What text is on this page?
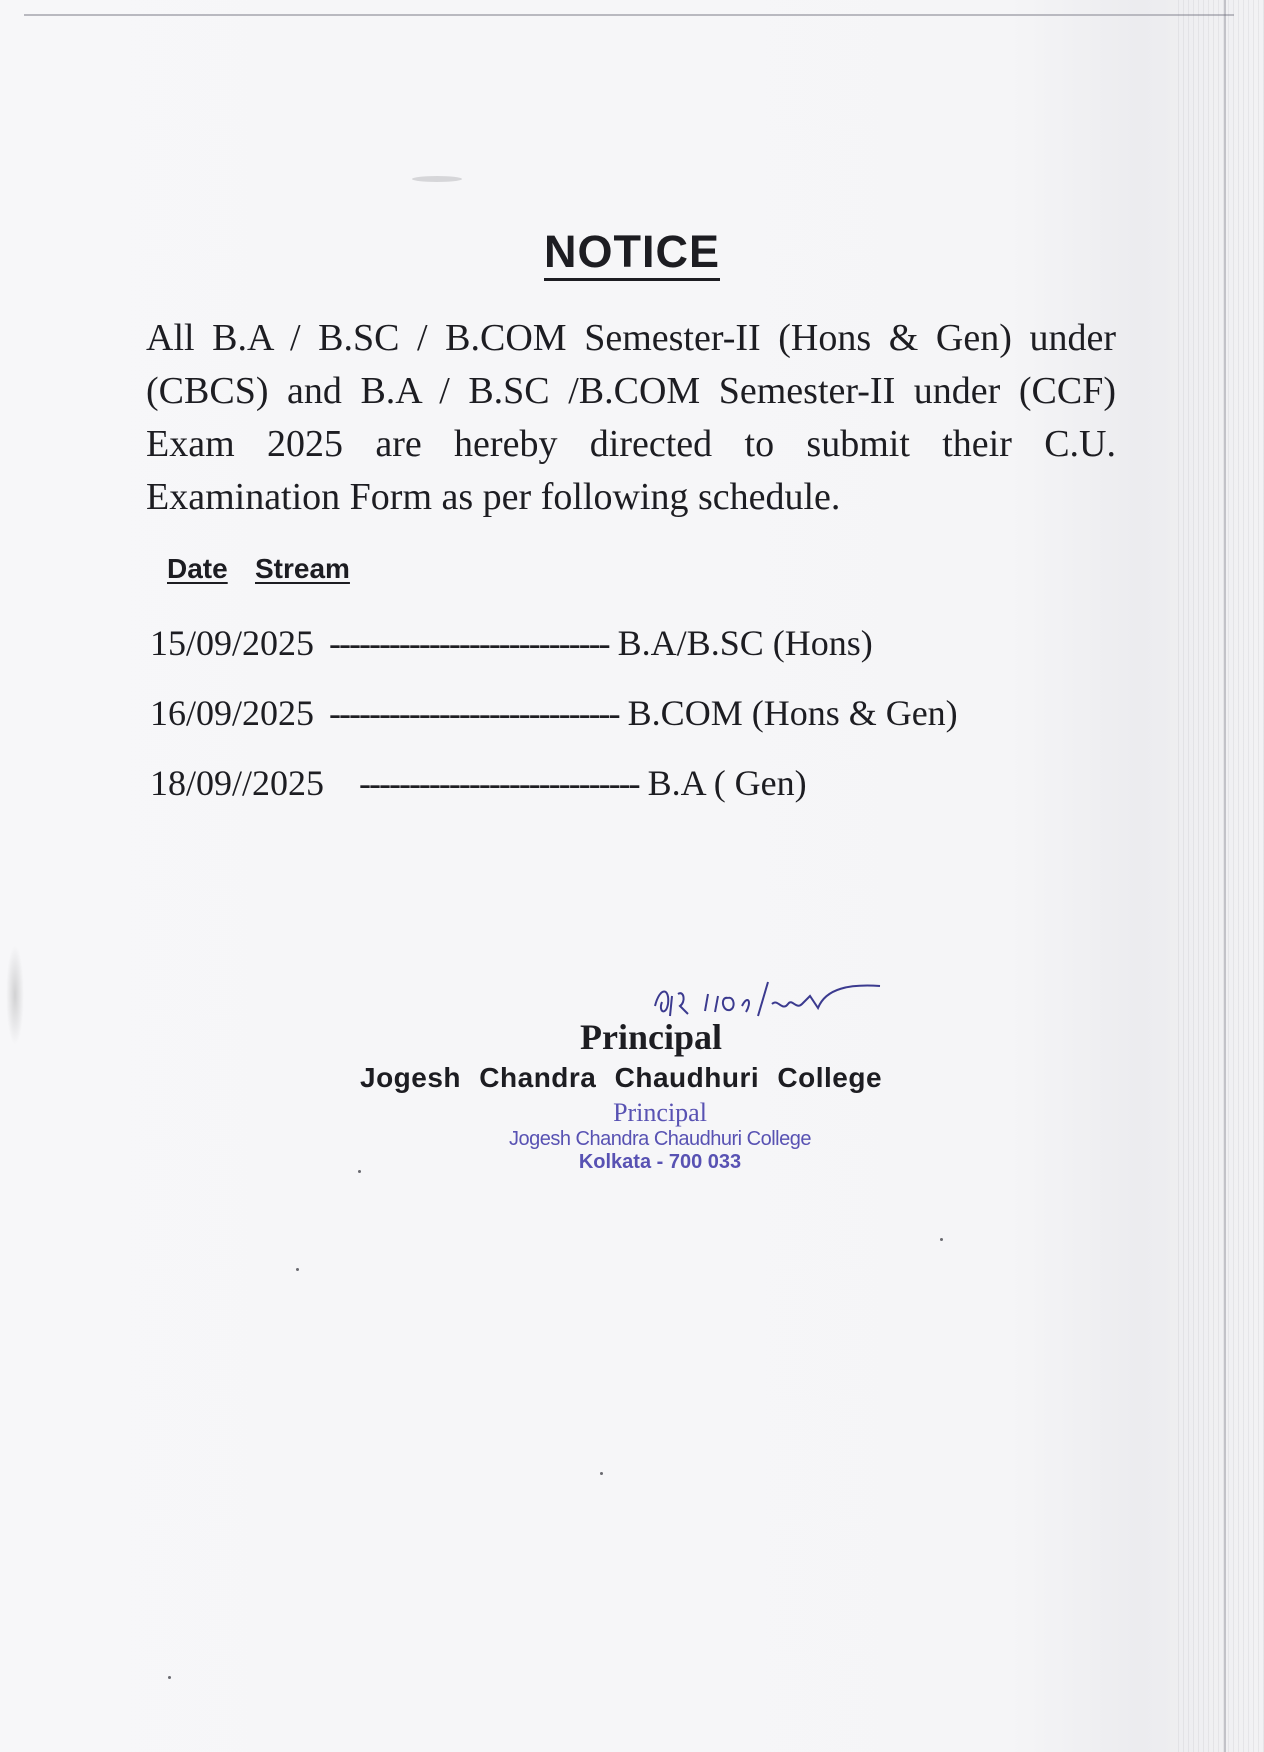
NOTICE
All B.A / B.SC / B.COM Semester-II (Hons & Gen) under (CBCS) and B.A / B.SC /B.COM Semester-II under (CCF) Exam 2025 are hereby directed to submit their C.U. Examination Form as per following schedule.
Date Stream
15/09/2025 ---------------------------- B.A/B.SC (Hons)
16/09/2025 ----------------------------- B.COM (Hons & Gen)
18/09//2025 ---------------------------- B.A ( Gen)
Principal
Jogesh Chandra Chaudhuri College
Principal
Jogesh Chandra Chaudhuri College
Kolkata - 700 033
